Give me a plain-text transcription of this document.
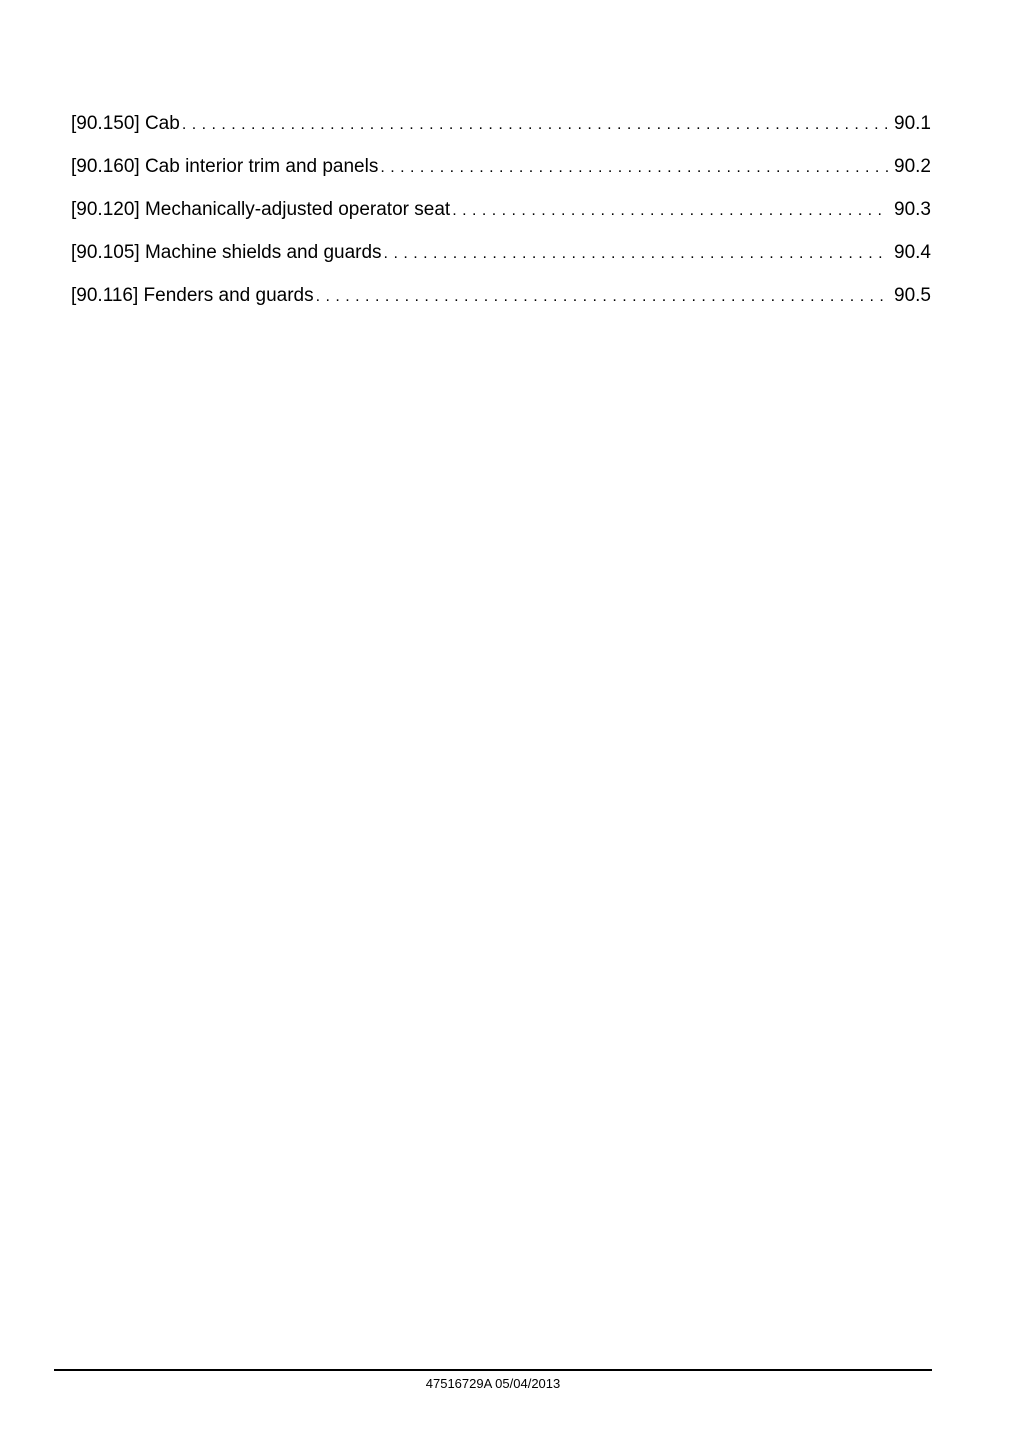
[90.150] Cab . . .	90.1
[90.160] Cab interior trim and panels . . .	90.2
[90.120] Mechanically-adjusted operator seat . . .	90.3
[90.105] Machine shields and guards . . .	90.4
[90.116] Fenders and guards . . .	90.5
47516729A 05/04/2013
